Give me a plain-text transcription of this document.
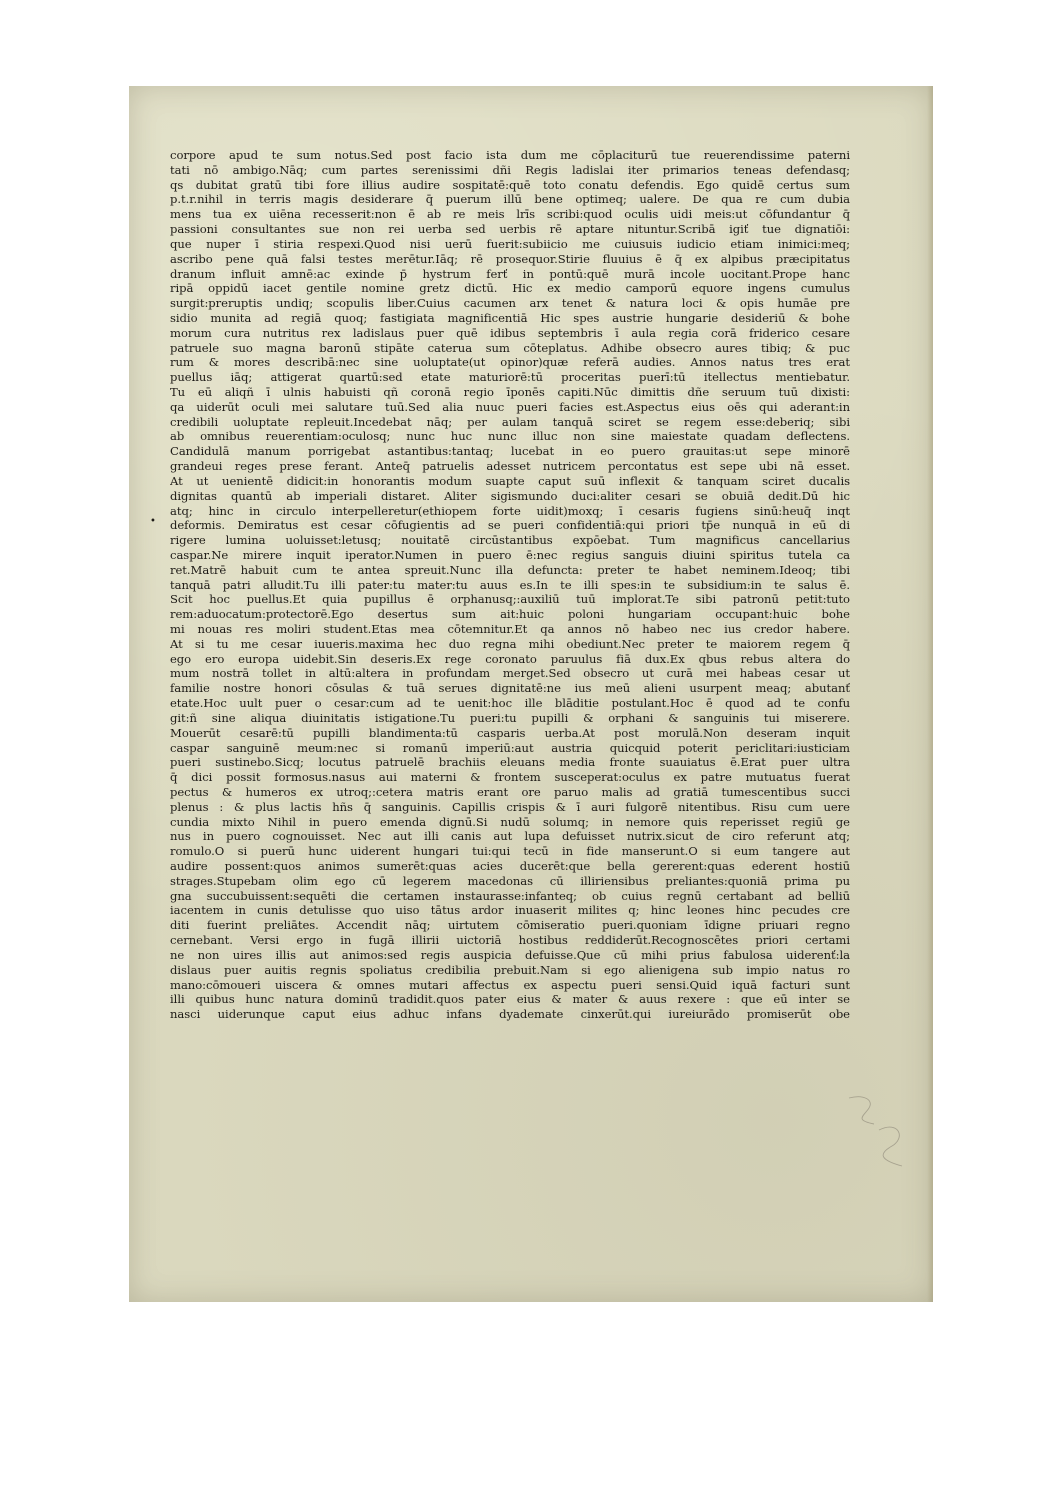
•
corpore apud te sum notus.Sed post facio ista dum me cōplaciturū tue reuerendissime paterni
tati nō ambigo.Nāq; cum partes serenissimi dñi Regis ladislai iter primarios teneas defendasq;
qs dubitat gratū tibi fore illius audire sospitatē:quē toto conatu defendis. Ego quidē certus sum
p.t.r.nihil in terris magis desiderare q̄ puerum illū bene optimeq; ualere. De qua re cum dubia
mens tua ex uiēna recesserit:non ē ab re meis lrīs scribi:quod oculis uidi meis:ut cōfundantur q̄
passioni consultantes sue non rei uerba sed uerbis rē aptare nituntur.Scribā igiť tue dignatiōi:
que nuper ī stiria respexi.Quod nisi uerū fuerit:subiicio me cuiusuis iudicio etiam inimici:meq;
ascribo pene quā falsi testes merētur.Iāq; rē prosequor.Stirie fluuius ē q̄ ex alpibus præcipitatus
dranum influit amnē:ac exinde p̄ hystrum ferť in pontū:quē murā incole uocitant.Prope hanc
ripā oppidū iacet gentile nomine gretz dictū. Hic ex medio camporū equore ingens cumulus
surgit:preruptis undiq; scopulis liber.Cuius cacumen arx tenet & natura loci & opis humāe pre
sidio munita ad regiā quoq; fastigiata magnificentiā Hic spes austrie hungarie desideriū & bohe
morum cura nutritus rex ladislaus puer quē idibus septembris ī aula regia corā friderico cesare
patruele suo magna baronū stipāte caterua sum cōteplatus. Adhibe obsecro aures tibiq; & puc
rum & mores describā:nec sine uoluptate(ut opinor)quæ referā audies. Annos natus tres erat
puellus iāq; attigerat quartū:sed etate maturiorē:tū proceritas puerī:tū itellectus mentiebatur.
Tu eū aliqñ ī ulnis habuisti qñ coronā regio īponēs capiti.Nūc dimittis dñe seruum tuū dixisti:
qa uiderūt oculi mei salutare tuū.Sed alia nuuc pueri facies est.Aspectus eius oēs qui aderant:in
credibili uoluptate repleuit.Incedebat nāq; per aulam tanquā sciret se regem esse:deberiq; sibi
ab omnibus reuerentiam:oculosq; nunc huc nunc illuc non sine maiestate quadam deflectens.
Candidulā manum porrigebat astantibus:tantaq; lucebat in eo puero grauitas:ut sepe minorē
grandeui reges prese ferant. Anteq̄ patruelis adesset nutricem percontatus est sepe ubi nā esset.
At ut uenientē didicit:in honorantis modum suapte caput suū inflexit & tanquam sciret ducalis
dignitas quantū ab imperiali distaret. Aliter sigismundo duci:aliter cesari se obuiā dedit.Dū hic
atq; hinc in circulo interpelleretur(ethiopem forte uidit)moxq; ī cesaris fugiens sinū:heuq̄ inqt
deformis. Demiratus est cesar cōfugientis ad se pueri confidentiā:qui priori tp̄e nunquā in eū di
rigere lumina uoluisset:letusq; nouitatē circūstantibus expōebat. Tum magnificus cancellarius
caspar.Ne mirere inquit iperator.Numen in puero ē:nec regius sanguis diuini spiritus tutela ca
ret.Matrē habuit cum te antea spreuit.Nunc illa defuncta: preter te habet neminem.Ideoq; tibi
tanquā patri alludit.Tu illi pater:tu mater:tu auus es.In te illi spes:in te subsidium:in te salus ē.
Scit hoc puellus.Et quia pupillus ē orphanusq;:auxiliū tuū implorat.Te sibi patronū petit:tuto
rem:aduocatum:protectorē.Ego desertus sum ait:huic poloni hungariam occupant:huic bohe
mi nouas res moliri student.Etas mea cōtemnitur.Et qa annos nō habeo nec ius credor habere.
At si tu me cesar iuueris.maxima hec duo regna mihi obediunt.Nec preter te maiorem regem q̄
ego ero europa uidebit.Sin deseris.Ex rege coronato paruulus fiā dux.Ex qbus rebus altera do
mum nostrā tollet in altū:altera in profundam merget.Sed obsecro ut curā mei habeas cesar ut
familie nostre honori cōsulas & tuā serues dignitatē:ne ius meū alieni usurpent meaq; abutanť
etate.Hoc uult puer o cesar:cum ad te uenit:hoc ille blāditie postulant.Hoc ē quod ad te confu
git:ñ sine aliqua diuinitatis istigatione.Tu pueri:tu pupilli & orphani & sanguinis tui miserere.
Mouerūt cesarē:tū pupilli blandimenta:tū casparis uerba.At post morulā.Non deseram inquit
caspar sanguinē meum:nec si romanū imperiū:aut austria quicquid poterit periclitari:iusticiam
pueri sustinebo.Sicq; locutus patruelē brachiis eleuans media fronte suauiatus ē.Erat puer ultra
q̄ dici possit formosus.nasus aui materni & frontem susceperat:oculus ex patre mutuatus fuerat
pectus & humeros ex utroq;:cetera matris erant ore paruo malis ad gratiā tumescentibus succi
plenus : & plus lactis hñs q̄ sanguinis. Capillis crispis & ī auri fulgorē nitentibus. Risu cum uere
cundia mixto Nihil in puero emenda dignū.Si nudū solumq; in nemore quis reperisset regiū ge
nus in puero cognouisset. Nec aut illi canis aut lupa defuisset nutrix.sicut de ciro referunt atq;
romulo.O si puerū hunc uiderent hungari tui:qui tecū in fide manserunt.O si eum tangere aut
audire possent:quos animos sumerēt:quas acies ducerēt:que bella gererent:quas ederent hostiū
strages.Stupebam olim ego cū legerem macedonas cū illiriensibus preliantes:quoniā prima pu
gna succubuissent:sequēti die certamen instaurasse:infanteq; ob cuius regnū certabant ad belliū
iacentem in cunis detulisse quo uiso tātus ardor inuaserit milites q; hinc leones hinc pecudes cre
diti fuerint preliātes. Accendit nāq; uirtutem cōmiseratio pueri.quoniam īdigne priuari regno
cernebant. Versi ergo in fugā illirii uictoriā hostibus reddiderūt.Recognoscētes priori certami
ne non uires illis aut animos:sed regis auspicia defuisse.Que cū mihi prius fabulosa uiderenť:la
dislaus puer auitis regnis spoliatus credibilia prebuit.Nam si ego alienigena sub impio natus ro
mano:cōmoueri uiscera & omnes mutari affectus ex aspectu pueri sensi.Quid iquā facturi sunt
illi quibus hunc natura dominū tradidit.quos pater eius & mater & auus rexere : que eū inter se
nasci uiderunque caput eius adhuc infans dyademate cinxerūt.qui iureiurādo promiserūt obe
